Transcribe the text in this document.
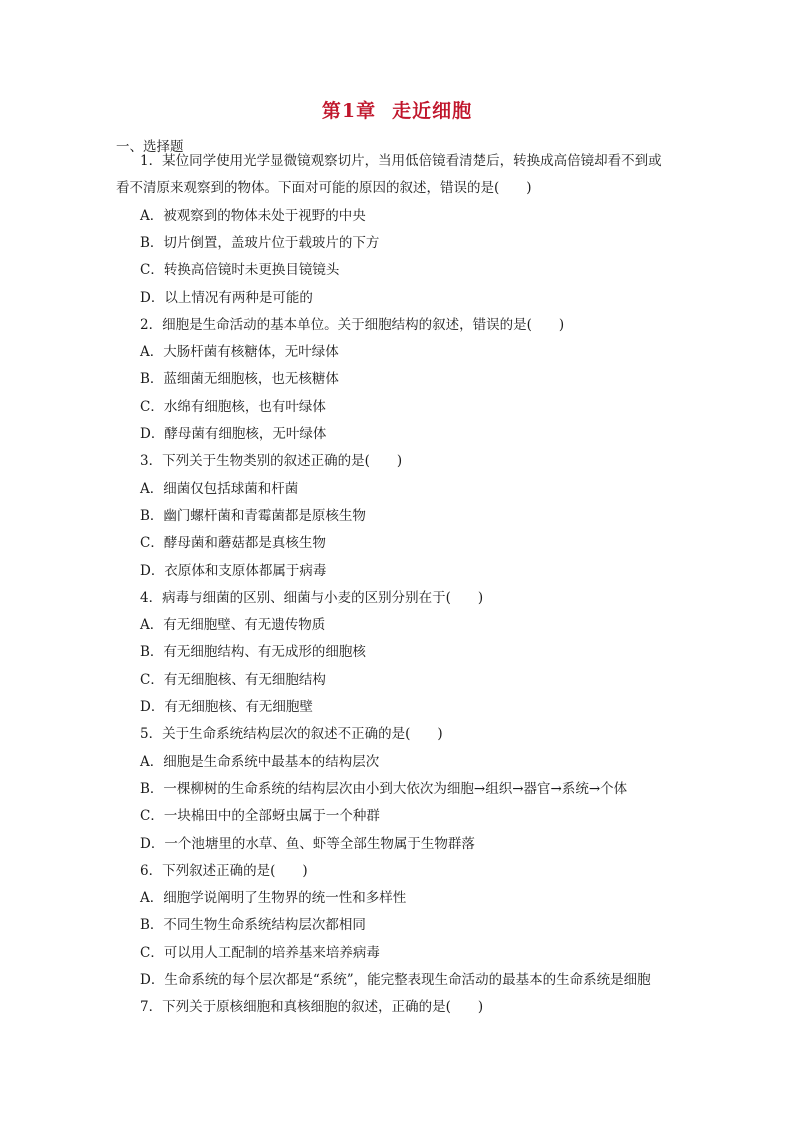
第1章 走近细胞
一、选择题
1．某位同学使用光学显微镜观察切片，当用低倍镜看清楚后，转换成高倍镜却看不到或
看不清原来观察到的物体。下面对可能的原因的叙述，错误的是(　　)
A．被观察到的物体未处于视野的中央
B．切片倒置，盖玻片位于载玻片的下方
C．转换高倍镜时未更换目镜镜头
D．以上情况有两种是可能的
2．细胞是生命活动的基本单位。关于细胞结构的叙述，错误的是(　　)
A．大肠杆菌有核糖体，无叶绿体
B．蓝细菌无细胞核，也无核糖体
C．水绵有细胞核，也有叶绿体
D．酵母菌有细胞核，无叶绿体
3．下列关于生物类别的叙述正确的是(　　)
A．细菌仅包括球菌和杆菌
B．幽门螺杆菌和青霉菌都是原核生物
C．酵母菌和蘑菇都是真核生物
D．衣原体和支原体都属于病毒
4．病毒与细菌的区别、细菌与小麦的区别分别在于(　　)
A．有无细胞壁、有无遗传物质
B．有无细胞结构、有无成形的细胞核
C．有无细胞核、有无细胞结构
D．有无细胞核、有无细胞壁
5．关于生命系统结构层次的叙述不正确的是(　　)
A．细胞是生命系统中最基本的结构层次
B．一棵柳树的生命系统的结构层次由小到大依次为细胞→组织→器官→系统→个体
C．一块棉田中的全部蚜虫属于一个种群
D．一个池塘里的水草、鱼、虾等全部生物属于生物群落
6．下列叙述正确的是(　　)
A．细胞学说阐明了生物界的统一性和多样性
B．不同生物生命系统结构层次都相同
C．可以用人工配制的培养基来培养病毒
D．生命系统的每个层次都是“系统”，能完整表现生命活动的最基本的生命系统是细胞
7．下列关于原核细胞和真核细胞的叙述，正确的是(　　)
